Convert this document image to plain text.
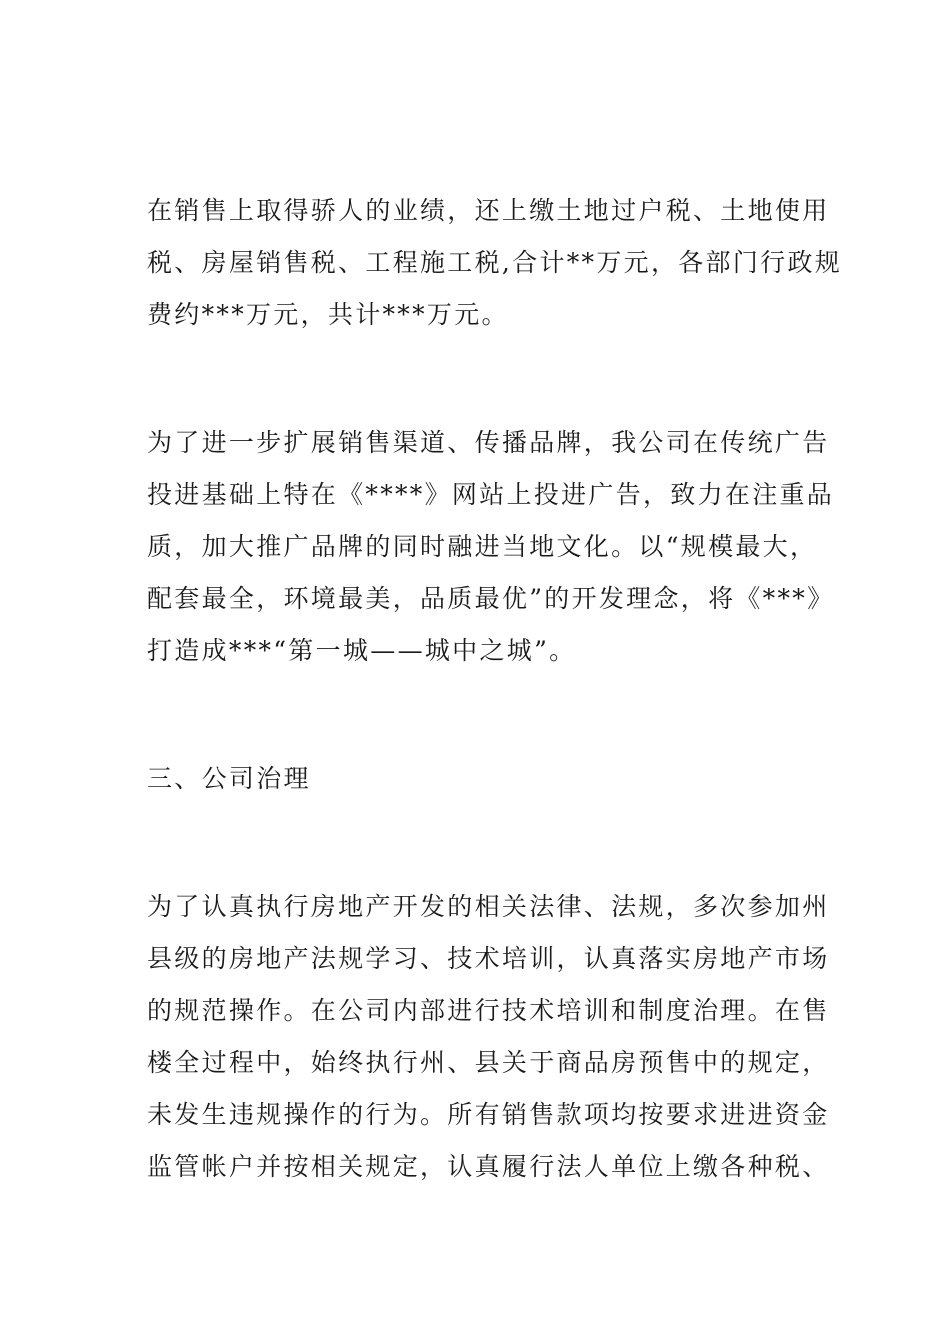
在销售上取得骄人的业绩，还上缴土地过户税、土地使用
税、房屋销售税、工程施工税,合计**万元，各部门行政规
费约***万元，共计***万元。
为了进一步扩展销售渠道、传播品牌，我公司在传统广告
投进基础上特在《****》网站上投进广告，致力在注重品
质，加大推广品牌的同时融进当地文化。以“规模最大，
配套最全，环境最美，品质最优”的开发理念，将《***》
打造成***“第一城——城中之城”。
三、公司治理
为了认真执行房地产开发的相关法律、法规，多次参加州
县级的房地产法规学习、技术培训，认真落实房地产市场
的规范操作。在公司内部进行技术培训和制度治理。在售
楼全过程中，始终执行州、县关于商品房预售中的规定，
未发生违规操作的行为。所有销售款项均按要求进进资金
监管帐户并按相关规定，认真履行法人单位上缴各种税、
